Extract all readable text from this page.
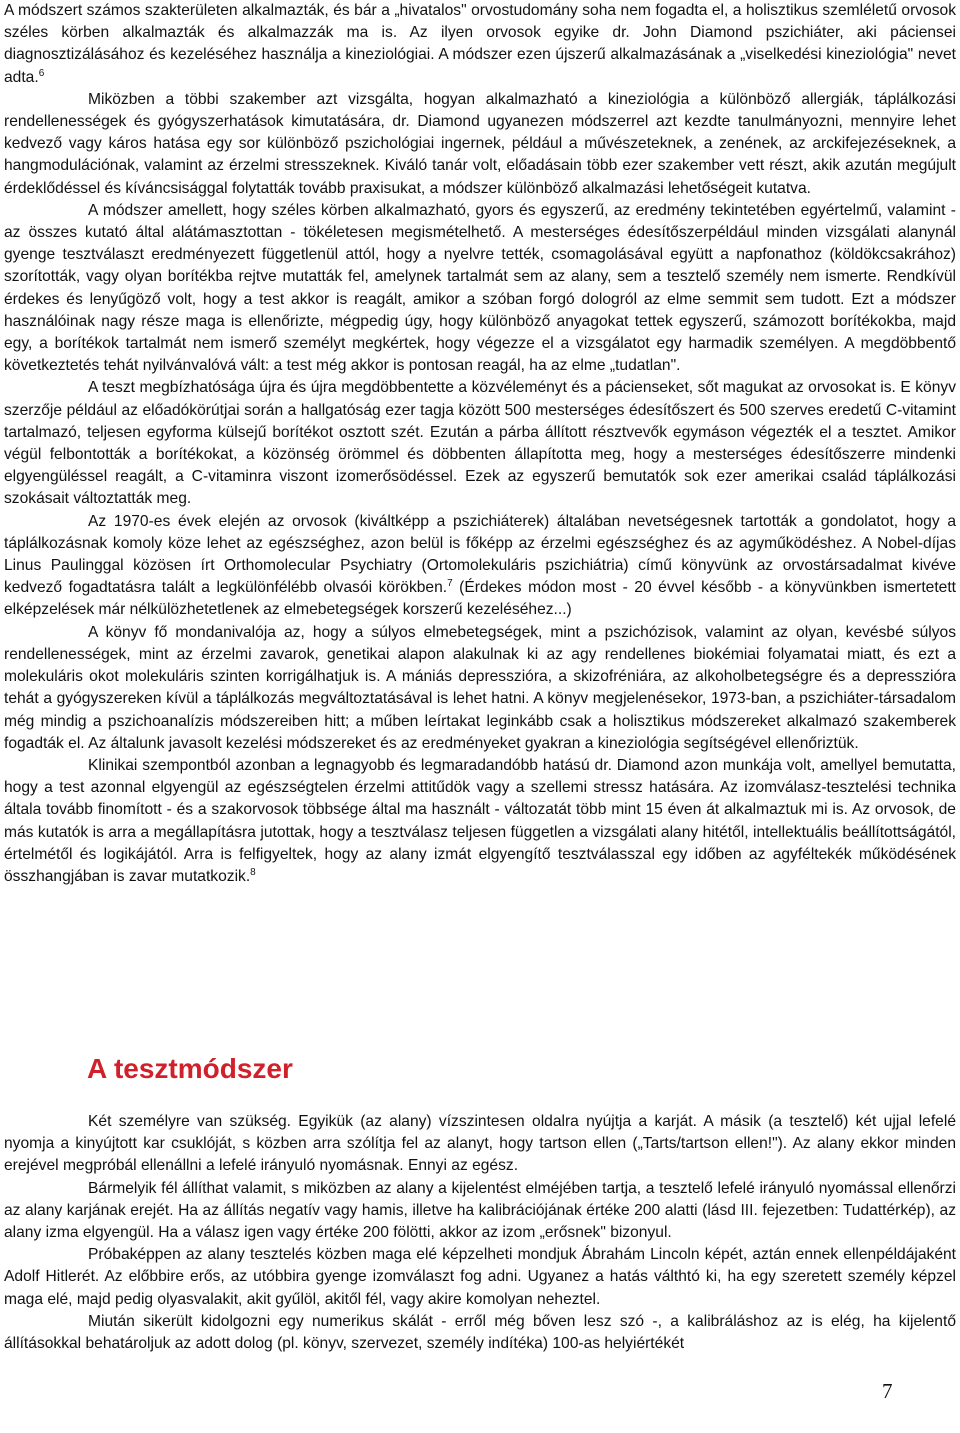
A módszert számos szakterületen alkalmazták, és bár a „hivatalos" orvostudomány soha nem fogadta el, a holisztikus szemléletű orvosok széles körben alkalmazták és alkalmazzák ma is. Az ilyen orvosok egyike dr. John Diamond pszichiáter, aki páciensei diagnosztizálásához és kezeléséhez használja a kineziológiai. A módszer ezen újszerű alkalmazásának a „viselkedési kineziológia" nevet adta.$^6$

Miközben a többi szakember azt vizsgálta, hogyan alkalmazható a kineziológia a különböző allergiák, táplálkozási rendellenességek és gyógyszerhatások kimutatására, dr. Diamond ugyanezen módszerrel azt kezdte tanulmányozni, mennyire lehet kedvező vagy káros hatása egy sor különböző pszichológiai ingernek, például a művészeteknek, a zenének, az arckifejezéseknek, a hangmodulációnak, valamint az érzelmi stresszeknek. Kiváló tanár volt, előadásain több ezer szakember vett részt, akik azután megújult érdeklődéssel és kíváncsisággal folytatták tovább praxisukat, a módszer különböző alkalmazási lehetőségeit kutatva.

A módszer amellett, hogy széles körben alkalmazható, gyors és egyszerű, az eredmény tekintetében egyértelmű, valamint - az összes kutató által alátámasztottan - tökéletesen megismételhető. A mesterséges édesítőszerpéldául minden vizsgálati alanynál gyenge tesztválaszt eredményezett függetlenül attól, hogy a nyelvre tették, csomagolásával együtt a napfonathoz (köldökcsakrához) szorították, vagy olyan borítékba rejtve mutatták fel, amelynek tartalmát sem az alany, sem a tesztelő személy nem ismerte. Rendkívül érdekes és lenyűgöző volt, hogy a test akkor is reagált, amikor a szóban forgó dologról az elme semmit sem tudott. Ezt a módszer használóinak nagy része maga is ellenőrizte, mégpedig úgy, hogy különböző anyagokat tettek egyszerű, számozott borítékokba, majd egy, a borítékok tartalmát nem ismerő személyt megkértek, hogy végezze el a vizsgálatot egy harmadik személyen. A megdöbbentő következtetés tehát nyilvánvalóvá vált: a test még akkor is pontosan reagál, ha az elme „tudatlan".

A teszt megbízhatósága újra és újra megdöbbentette a közvéleményt és a pácienseket, sőt magukat az orvosokat is. E könyv szerzője például az előadókörútjai során a hallgatóság ezer tagja között 500 mesterséges édesítőszert és 500 szerves eredetű C-vitamint tartalmazó, teljesen egyforma külsejű borítékot osztott szét. Ezután a párba állított résztvevők egymáson végezték el a tesztet. Amikor végül felbontották a borítékokat, a közönség örömmel és döbbenten állapította meg, hogy a mesterséges édesítőszerre mindenki elgyengüléssel reagált, a C-vitaminra viszont izomerősödéssel. Ezek az egyszerű bemutatók sok ezer amerikai család táplálkozási szokásait változtatták meg.

Az 1970-es évek elején az orvosok (kiváltképp a pszichiáterek) általában nevetségesnek tartották a gondolatot, hogy a táplálkozásnak komoly köze lehet az egészséghez, azon belül is főképp az érzelmi egészséghez és az agyműködéshez. A Nobel-díjas Linus Paulinggal közösen írt Orthomolecular Psychiatry (Ortomolekuláris pszichiátria) című könyvünk az orvostársadalmat kivéve kedvező fogadtatásra talált a legkülönfélébb olvasói körökben.$^7$ (Érdekes módon most - 20 évvel később - a könyvünkben ismertetett elképzelések már nélkülözhetetlenek az elmebetegségek korszerű kezeléséhez...)

A könyv fő mondanivalója az, hogy a súlyos elmebetegségek, mint a pszichózisok, valamint az olyan, kevésbé súlyos rendellenességek, mint az érzelmi zavarok, genetikai alapon alakulnak ki az agy rendellenes biokémiai folyamatai miatt, és ezt a molekuláris okot molekuláris szinten korrigálhatjuk is. A mániás depresszióra, a skizofréniára, az alkoholbetegségre és a depresszióra tehát a gyógyszereken kívül a táplálkozás megváltoztatásával is lehet hatni. A könyv megjelenésekor, 1973-ban, a pszichiáter-társadalom még mindig a pszichoanalízis módszereiben hitt; a műben leírtakat leginkább csak a holisztikus módszereket alkalmazó szakemberek fogadták el. Az általunk javasolt kezelési módszereket és az eredményeket gyakran a kineziológia segítségével ellenőriztük.

Klinikai szempontból azonban a legnagyobb és legmaradandóbb hatású dr. Diamond azon munkája volt, amellyel bemutatta, hogy a test azonnal elgyengül az egészségtelen érzelmi attitűdök vagy a szellemi stressz hatására. Az izomválasz-tesztelési technika általa tovább finomított - és a szakorvosok többsége által ma használt - változatát több mint 15 éven át alkalmaztuk mi is. Az orvosok, de más kutatók is arra a megállapításra jutottak, hogy a tesztválasz teljesen független a vizsgálati alany hitétől, intellektuális beállítottságától, értelmétől és logikájától. Arra is felfigyeltek, hogy az alany izmát elgyengítő tesztválasszal egy időben az agyféltekék működésének összhangjában is zavar mutatkozik.$^8$

A tesztmódszer

Két személyre van szükség. Egyikük (az alany) vízszintesen oldalra nyújtja a karját. A másik (a tesztelő) két ujjal lefelé nyomja a kinyújtott kar csuklóját, s közben arra szólítja fel az alanyt, hogy tartson ellen („Tarts/tartson ellen!"). Az alany ekkor minden erejével megpróbál ellenállni a lefelé irányuló nyomásnak. Ennyi az egész.

Bármelyik fél állíthat valamit, s miközben az alany a kijelentést elméjében tartja, a tesztelő lefelé irányuló nyomással ellenőrzi az alany karjának erejét. Ha az állítás negatív vagy hamis, illetve ha kalibrációjának értéke 200 alatti (lásd III. fejezetben: Tudattérkép), az alany izma elgyengül. Ha a válasz igen vagy értéke 200 fölötti, akkor az izom „erősnek" bizonyul.

Próbaképpen az alany tesztelés közben maga elé képzelheti mondjuk Ábrahám Lincoln képét, aztán ennek ellenpéldájaként Adolf Hitlerét. Az előbbire erős, az utóbbira gyenge izomválaszt fog adni. Ugyanez a hatás válthtó ki, ha egy szeretett személy képzel maga elé, majd pedig olyasvalakit, akit gyűlöl, akitől fél, vagy akire komolyan neheztel.

Miután sikerült kidolgozni egy numerikus skálát - erről még bőven lesz szó -, a kalibráláshoz az is elég, ha kijelentő állításokkal behatároljuk az adott dolog (pl. könyv, szervezet, személy indítéka) 100-as helyiértékét

7
